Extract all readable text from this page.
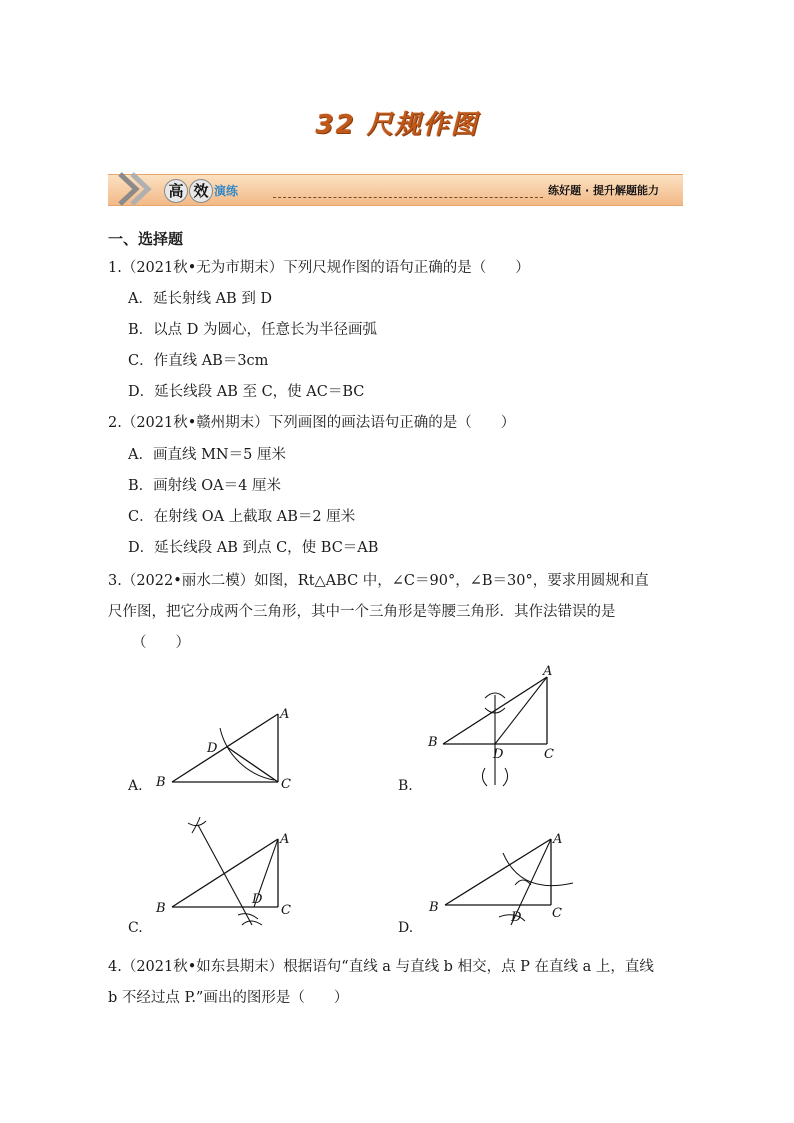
32 尺规作图
高 效 演练	练好题 · 提升解题能力
一、选择题
1.（2021秋•无为市期末）下列尺规作图的语句正确的是（　　）
A．延长射线 AB 到 D
B．以点 D 为圆心，任意长为半径画弧
C．作直线 AB＝3cm
D．延长线段 AB 至 C，使 AC＝BC
2.（2021秋•赣州期末）下列画图的画法语句正确的是（　　）
A．画直线 MN＝5 厘米
B．画射线 OA＝4 厘米
C．在射线 OA 上截取 AB＝2 厘米
D．延长线段 AB 到点 C，使 BC＝AB
3.（2022•丽水二模）如图，Rt△ABC 中，∠C＝90°，∠B＝30°，要求用圆规和直
尺作图，把它分成两个三角形，其中一个三角形是等腰三角形．其作法错误的是
（　　）
A.
A
B	C
D
B.
A
B
C
D
C.
A
B	C
D
D.
A
B	C
D
4.（2021秋•如东县期末）根据语句“直线 a 与直线 b 相交，点 P 在直线 a 上，直线
b 不经过点 P.”画出的图形是（　　）
